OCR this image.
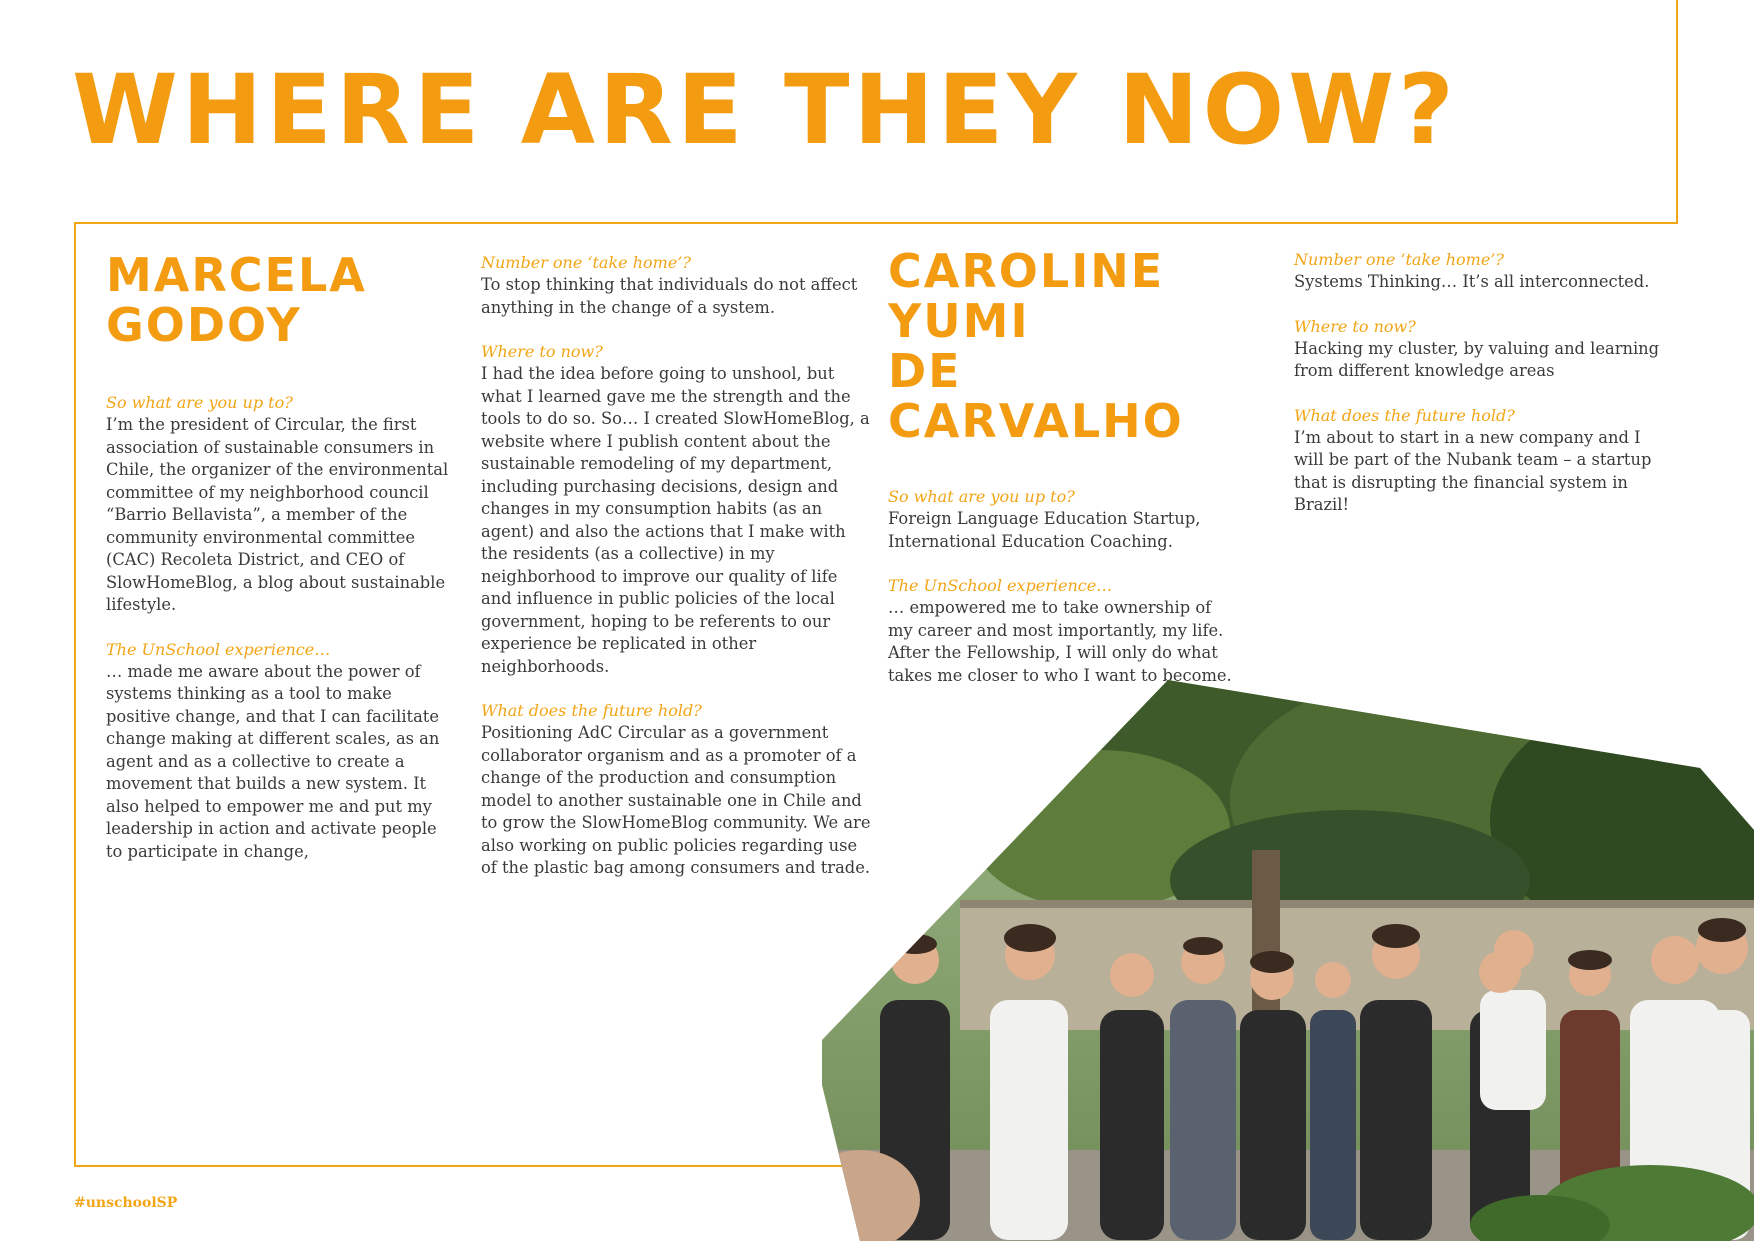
WHERE ARE THEY NOW?
MARCELA
GODOY

So what are you up to?

I’m the president of Circular, the first association of sustainable consumers in Chile, the organizer of the environmental committee of my neighborhood council “Barrio Bellavista”, a member of the community environmental committee (CAC) Recoleta District, and CEO of SlowHomeBlog, a blog about sustainable lifestyle.

The UnSchool experience…

… made me aware about the power of systems thinking as a tool to make positive change, and that I can facilitate change making at different scales, as an agent and as a collective to create a movement that builds a new system. It also helped to empower me and put my leadership in action and activate people to participate in change,

Number one ‘take home’?

To stop thinking that individuals do not affect anything in the change of a system.

Where to now?

I had the idea before going to unshool, but what I learned gave me the strength and the tools to do so. So… I created SlowHomeBlog, a website where I publish content about the sustainable remodeling of my department, including purchasing decisions, design and changes in my consumption habits (as an agent) and also the actions that I make with the residents (as a collective) in my neighborhood to improve our quality of life and influence in public policies of the local government, hoping to be referents to our experience be replicated in other neighborhoods.

What does the future hold?

Positioning AdC Circular as a government collaborator organism and as a promoter of a change of the production and consumption model to another sustainable one in Chile and to grow the SlowHomeBlog community. We are also working on public policies regarding use of the plastic bag among consumers and trade.

CAROLINE
YUMI
DE CARVALHO

So what are you up to?

Foreign Language Education Startup, International Education Coaching.

The UnSchool experience…

… empowered me to take ownership of my career and most importantly, my life. After the Fellowship, I will only do what takes me closer to who I want to become.

Number one ‘take home’?

Systems Thinking… It’s all interconnected.

Where to now?

Hacking my cluster, by valuing and learning from different knowledge areas

What does the future hold?

I’m about to start in a new company and I will be part of the Nubank team – a startup that is disrupting the financial system in Brazil!

#unschoolSP
